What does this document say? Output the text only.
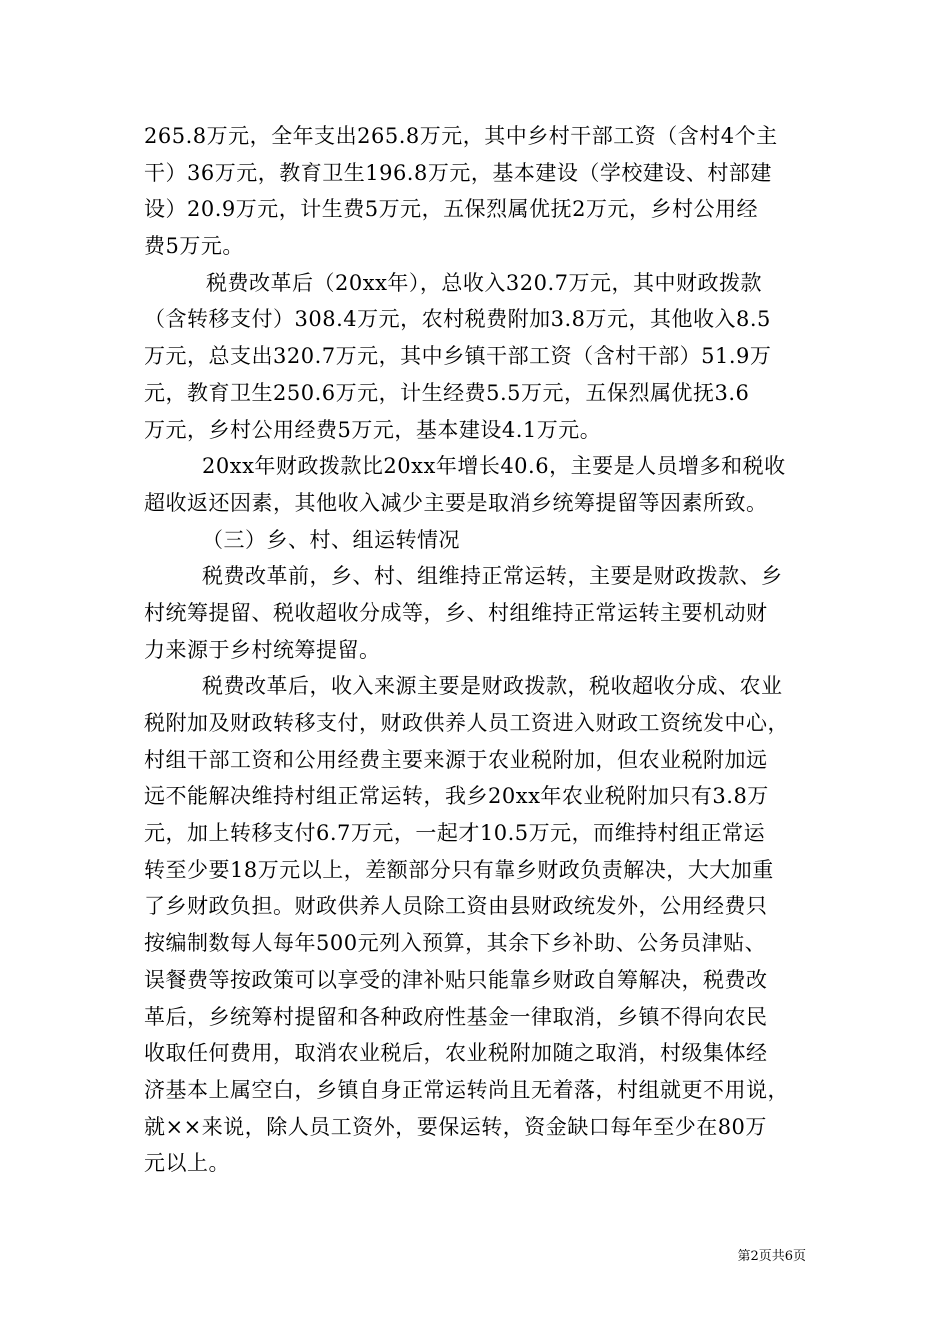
265.8万元，全年支出265.8万元，其中乡村干部工资（含村4个主
干）36万元，教育卫生196.8万元，基本建设（学校建设、村部建
设）20.9万元，计生费5万元，五保烈属优抚2万元，乡村公用经
费5万元。
税费改革后（20xx年），总收入320.7万元，其中财政拨款
（含转移支付）308.4万元，农村税费附加3.8万元，其他收入8.5
万元，总支出320.7万元，其中乡镇干部工资（含村干部）51.9万
元，教育卫生250.6万元，计生经费5.5万元，五保烈属优抚3.6
万元，乡村公用经费5万元，基本建设4.1万元。
20xx年财政拨款比20xx年增长40.6，主要是人员增多和税收
超收返还因素，其他收入减少主要是取消乡统筹提留等因素所致。
（三）乡、村、组运转情况
税费改革前，乡、村、组维持正常运转，主要是财政拨款、乡
村统筹提留、税收超收分成等，乡、村组维持正常运转主要机动财
力来源于乡村统筹提留。
税费改革后，收入来源主要是财政拨款，税收超收分成、农业
税附加及财政转移支付，财政供养人员工资进入财政工资统发中心，
村组干部工资和公用经费主要来源于农业税附加，但农业税附加远
远不能解决维持村组正常运转，我乡20xx年农业税附加只有3.8万
元，加上转移支付6.7万元，一起才10.5万元，而维持村组正常运
转至少要18万元以上，差额部分只有靠乡财政负责解决，大大加重
了乡财政负担。财政供养人员除工资由县财政统发外，公用经费只
按编制数每人每年500元列入预算，其余下乡补助、公务员津贴、
误餐费等按政策可以享受的津补贴只能靠乡财政自筹解决，税费改
革后，乡统筹村提留和各种政府性基金一律取消，乡镇不得向农民
收取任何费用，取消农业税后，农业税附加随之取消，村级集体经
济基本上属空白，乡镇自身正常运转尚且无着落，村组就更不用说，
就××来说，除人员工资外，要保运转，资金缺口每年至少在80万
元以上。
第2页共6页
